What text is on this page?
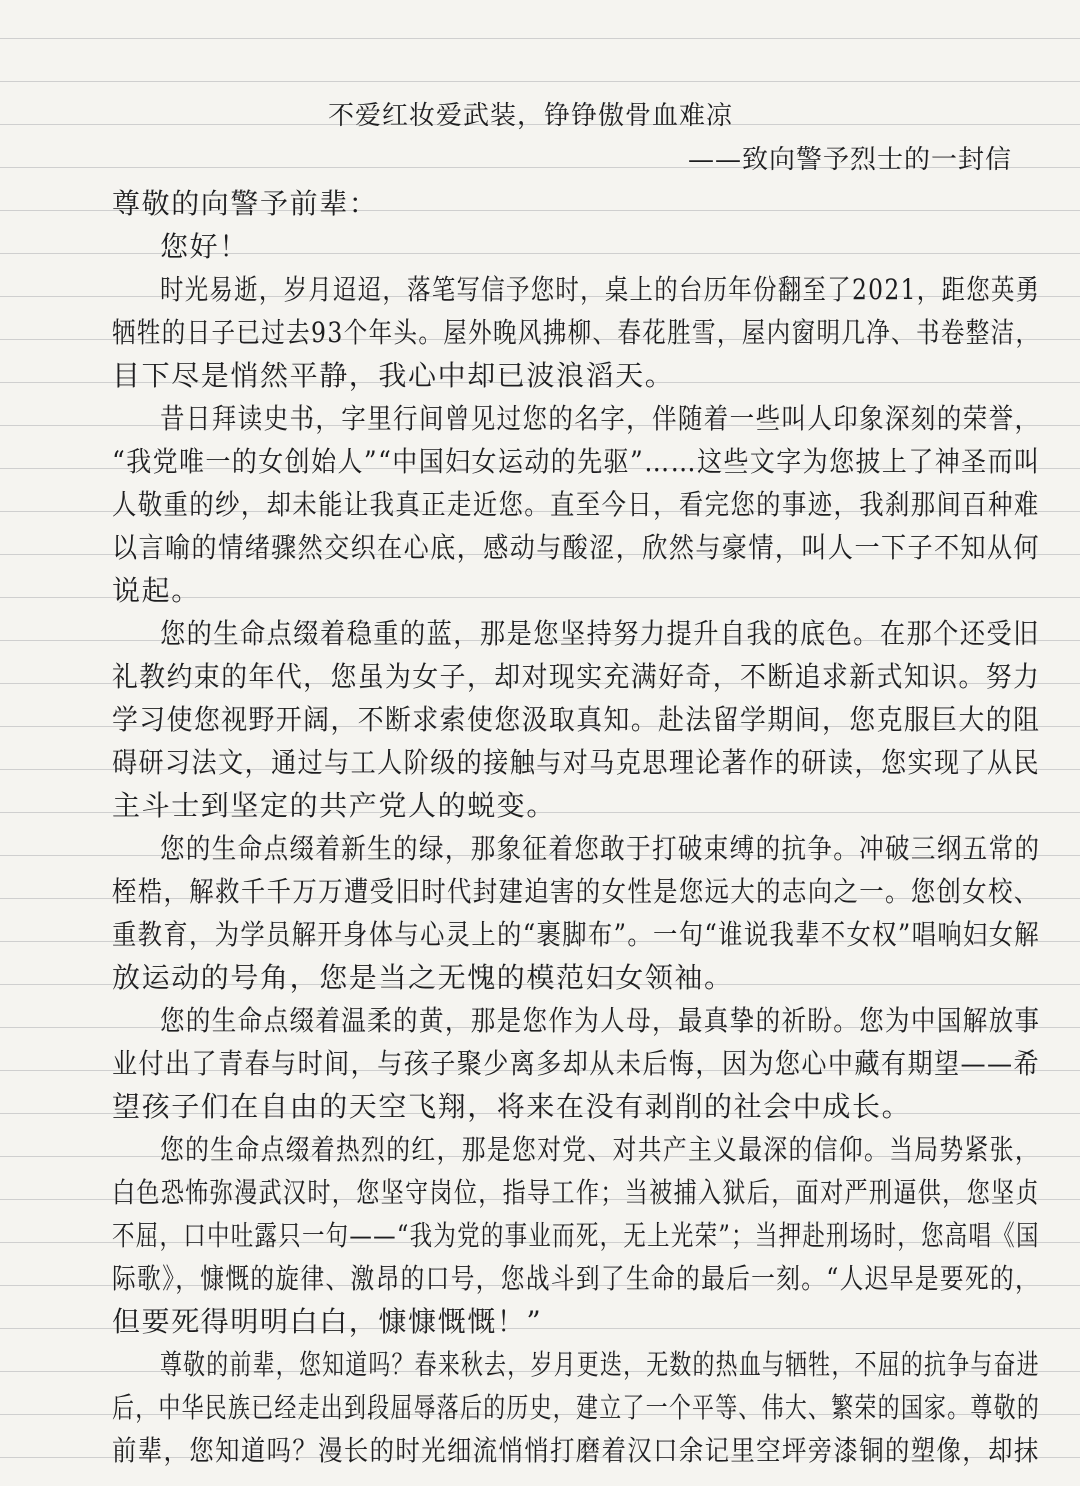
不爱红妆爱武装，铮铮傲骨血难凉
——致向警予烈士的一封信
尊敬的向警予前辈：
您好！
时光易逝，岁月迢迢，落笔写信予您时，桌上的台历年份翻至了2021，距您英勇
牺牲的日子已过去93个年头。屋外晚风拂柳、春花胜雪，屋内窗明几净、书卷整洁，
目下尽是悄然平静，我心中却已波浪滔天。
昔日拜读史书，字里行间曾见过您的名字，伴随着一些叫人印象深刻的荣誉，
“我党唯一的女创始人”“中国妇女运动的先驱”……这些文字为您披上了神圣而叫
人敬重的纱，却未能让我真正走近您。直至今日，看完您的事迹，我刹那间百种难
以言喻的情绪骤然交织在心底，感动与酸涩，欣然与豪情，叫人一下子不知从何
说起。
您的生命点缀着稳重的蓝，那是您坚持努力提升自我的底色。在那个还受旧
礼教约束的年代，您虽为女子，却对现实充满好奇，不断追求新式知识。努力
学习使您视野开阔，不断求索使您汲取真知。赴法留学期间，您克服巨大的阻
碍研习法文，通过与工人阶级的接触与对马克思理论著作的研读，您实现了从民
主斗士到坚定的共产党人的蜕变。
您的生命点缀着新生的绿，那象征着您敢于打破束缚的抗争。冲破三纲五常的
桎梏，解救千千万万遭受旧时代封建迫害的女性是您远大的志向之一。您创女校、
重教育，为学员解开身体与心灵上的“裹脚布”。一句“谁说我辈不女权”唱响妇女解
放运动的号角，您是当之无愧的模范妇女领袖。
您的生命点缀着温柔的黄，那是您作为人母，最真挚的祈盼。您为中国解放事
业付出了青春与时间，与孩子聚少离多却从未后悔，因为您心中藏有期望——希
望孩子们在自由的天空飞翔，将来在没有剥削的社会中成长。
您的生命点缀着热烈的红，那是您对党、对共产主义最深的信仰。当局势紧张，
白色恐怖弥漫武汉时，您坚守岗位，指导工作；当被捕入狱后，面对严刑逼供，您坚贞
不屈，口中吐露只一句——“我为党的事业而死，无上光荣”；当押赴刑场时，您高唱《国
际歌》，慷慨的旋律、激昂的口号，您战斗到了生命的最后一刻。“人迟早是要死的，
但要死得明明白白，慷慷慨慨！”
尊敬的前辈，您知道吗？春来秋去，岁月更迭，无数的热血与牺牲，不屈的抗争与奋进
后，中华民族已经走出到段屈辱落后的历史，建立了一个平等、伟大、繁荣的国家。尊敬的
前辈，您知道吗？漫长的时光细流悄悄打磨着汉口余记里空坪旁漆铜的塑像，却抹
